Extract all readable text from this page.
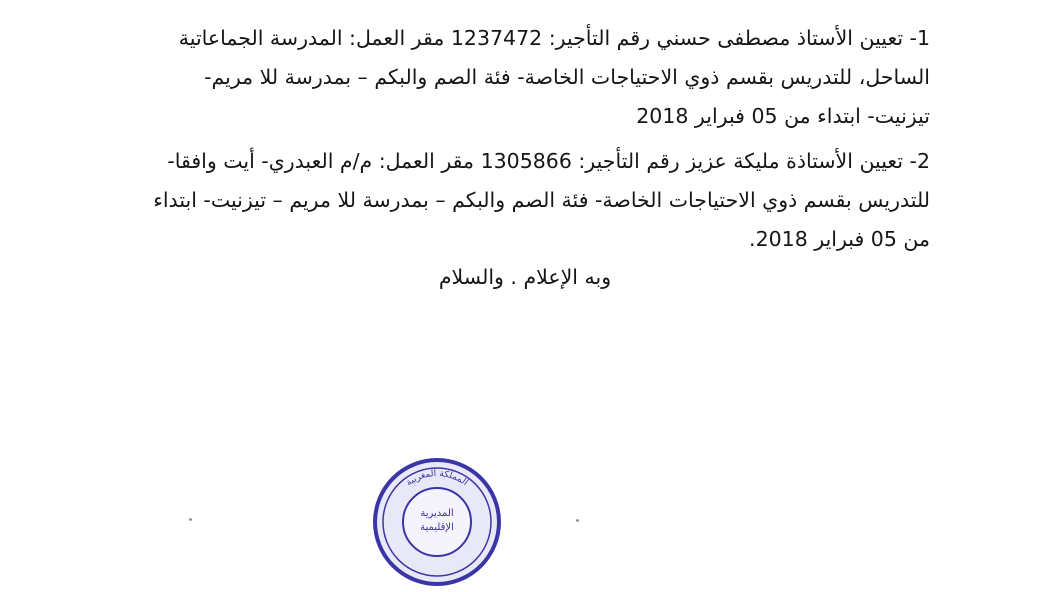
1- تعيين الأستاذ مصطفى حسني رقم التأجير: 1237472 مقر العمل: المدرسة الجماعاتية
الساحل، للتدريس بقسم ذوي الاحتياجات الخاصة- فئة الصم والبكم – بمدرسة للا مريم-
تيزنيت- ابتداء من 05 فبراير 2018
2- تعيين الأستاذة مليكة عزيز رقم التأجير: 1305866 مقر العمل: م/م العبدري- أيت وافقا-
للتدريس بقسم ذوي الاحتياجات الخاصة- فئة الصم والبكم – بمدرسة للا مريم – تيزنيت- ابتداء
من 05 فبراير 2018.
وبه الإعلام . والسلام
المملكة المغربية
المديرية
الإقليمية
